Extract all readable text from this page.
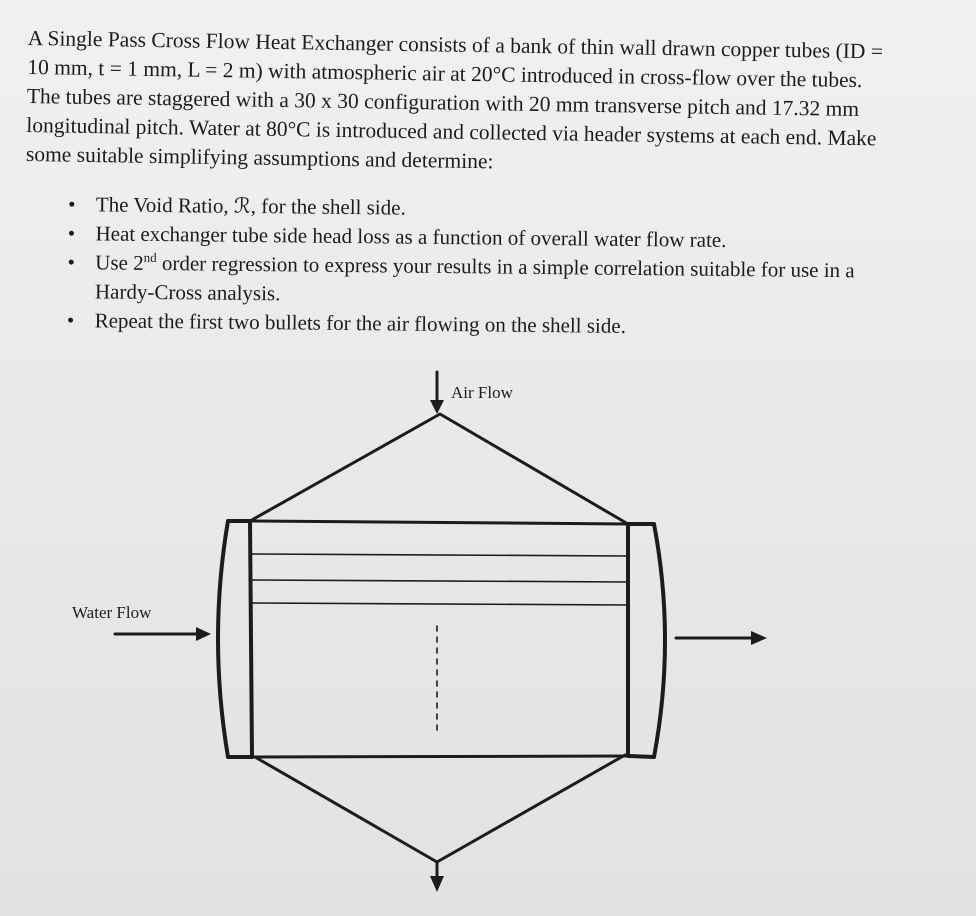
A Single Pass Cross Flow Heat Exchanger consists of a bank of thin wall drawn copper tubes (ID = 10 mm, t = 1 mm, L = 2 m) with atmospheric air at 20°C introduced in cross-flow over the tubes. The tubes are staggered with a 30 x 30 configuration with 20 mm transverse pitch and 17.32 mm longitudinal pitch. Water at 80°C is introduced and collected via header systems at each end. Make some suitable simplifying assumptions and determine:

• The Void Ratio, ℛ, for the shell side.
• Heat exchanger tube side head loss as a function of overall water flow rate.
• Use 2nd order regression to express your results in a simple correlation suitable for use in a Hardy-Cross analysis.
• Repeat the first two bullets for the air flowing on the shell side.
Air Flow
Water Flow
